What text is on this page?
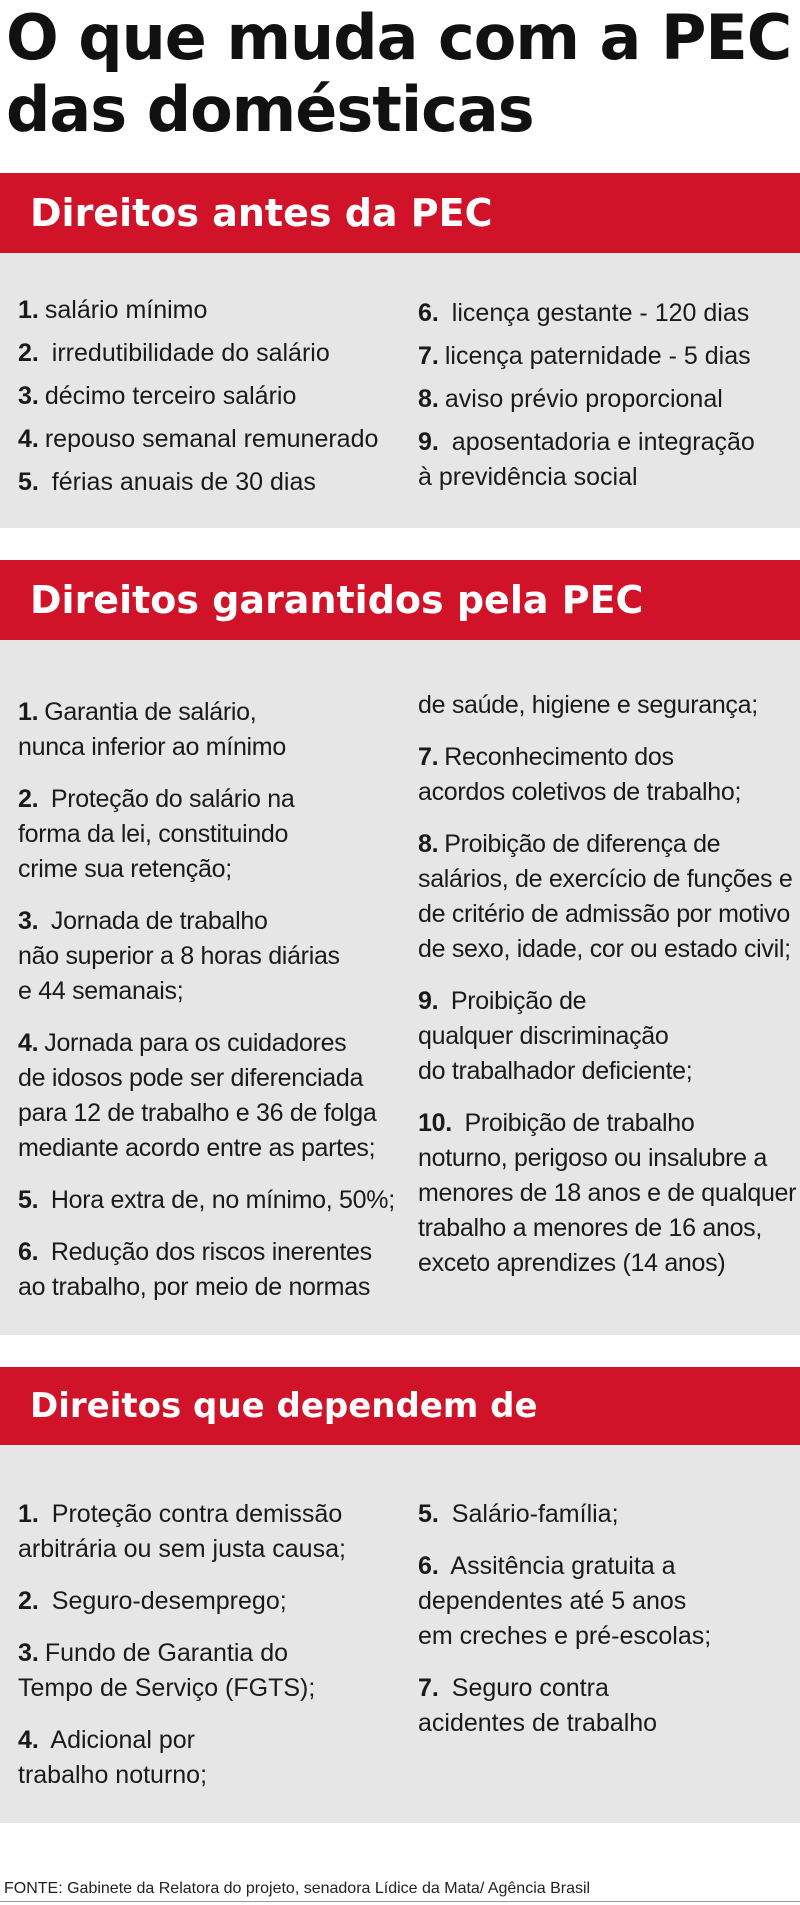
O que muda com a PEC das domésticas
Direitos antes da PEC
1. salário mínimo
2. irredutibilidade do salário
3. décimo terceiro salário
4. repouso semanal remunerado
5. férias anuais de 30 dias
6. licença gestante - 120 dias
7. licença paternidade - 5 dias
8. aviso prévio proporcional
9. aposentadoria e integração
à previdência social
Direitos garantidos pela PEC
1. Garantia de salário,
nunca inferior ao mínimo
2. Proteção do salário na
forma da lei, constituindo
crime sua retenção;
3. Jornada de trabalho
não superior a 8 horas diárias
e 44 semanais;
4. Jornada para os cuidadores
de idosos pode ser diferenciada
para 12 de trabalho e 36 de folga
mediante acordo entre as partes;
5. Hora extra de, no mínimo, 50%;
6. Redução dos riscos inerentes
ao trabalho, por meio de normas
de saúde, higiene e segurança;
7. Reconhecimento dos
acordos coletivos de trabalho;
8. Proibição de diferença de
salários, de exercício de funções e
de critério de admissão por motivo
de sexo, idade, cor ou estado civil;
9. Proibição de
qualquer discriminação
do trabalhador deficiente;
10. Proibição de trabalho
noturno, perigoso ou insalubre a
menores de 18 anos e de qualquer
trabalho a menores de 16 anos,
exceto aprendizes (14 anos)
Direitos que dependem de
1. Proteção contra demissão
arbitrária ou sem justa causa;
2. Seguro-desemprego;
3. Fundo de Garantia do
Tempo de Serviço (FGTS);
4. Adicional por
trabalho noturno;
5. Salário-família;
6. Assitência gratuita a
dependentes até 5 anos
em creches e pré-escolas;
7. Seguro contra
acidentes de trabalho
FONTE: Gabinete da Relatora do projeto, senadora Lídice da Mata/ Agência Brasil
